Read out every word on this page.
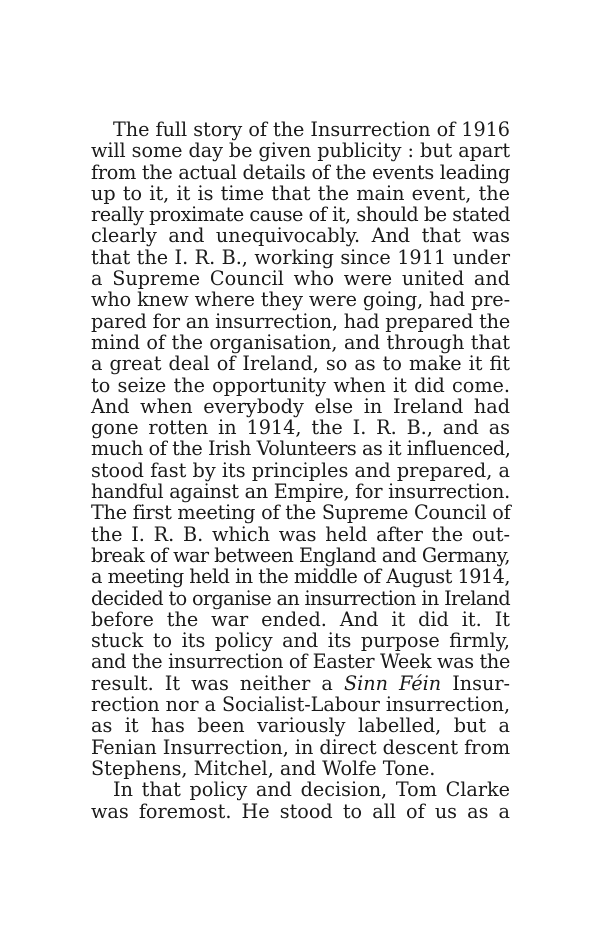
The full story of the Insurrection of 1916
will some day be given publicity : but apart
from the actual details of the events leading
up to it, it is time that the main event, the
really proximate cause of it, should be stated
clearly and unequivocably. And that was
that the I. R. B., working since 1911 under
a Supreme Council who were united and
who knew where they were going, had pre-
pared for an insurrection, had prepared the
mind of the organisation, and through that
a great deal of Ireland, so as to make it fit
to seize the opportunity when it did come.
And when everybody else in Ireland had
gone rotten in 1914, the I. R. B., and as
much of the Irish Volunteers as it influenced,
stood fast by its principles and prepared, a
handful against an Empire, for insurrection.
The first meeting of the Supreme Council of
the I. R. B. which was held after the out-
break of war between England and Germany,
a meeting held in the middle of August 1914,
decided to organise an insurrection in Ireland
before the war ended. And it did it. It
stuck to its policy and its purpose firmly,
and the insurrection of Easter Week was the
result. It was neither a Sinn Féin Insur-
rection nor a Socialist-Labour insurrection,
as it has been variously labelled, but a
Fenian Insurrection, in direct descent from
Stephens, Mitchel, and Wolfe Tone.
In that policy and decision, Tom Clarke
was foremost. He stood to all of us as a
